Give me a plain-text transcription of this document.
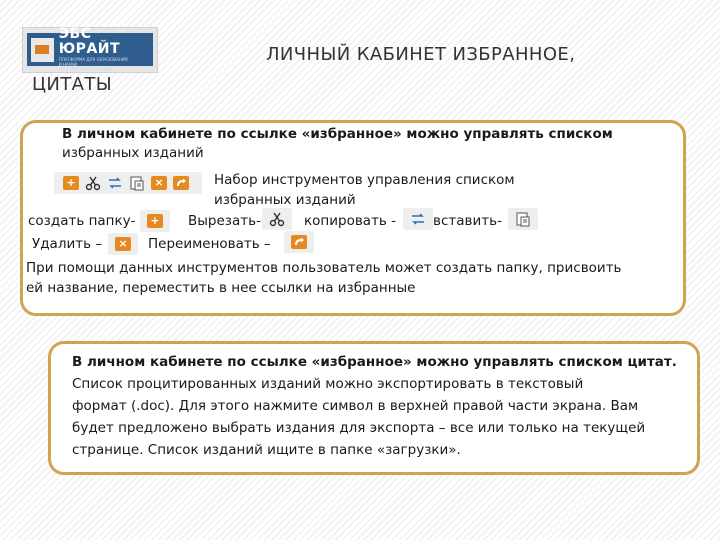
ЭБС ЮРАЙТ
ПЛАТФОРМА ДЛЯ ОБРАЗОВАНИЯ
И НАУКИ
ОТ ИЗДАТЕЛЬСТВА ЮРАЙТ
ЛИЧНЫЙ КАБИНЕТ ИЗБРАННОЕ,
ЦИТАТЫ
В личном кабинете по ссылке «избранное» можно управлять списком
избранных изданий
+	×	Набор инструментов управления списком
избранных изданий
создать папку-	+ Вырезать-	копировать -	вставить-
Удалить –	× Переименовать –
При помощи данных инструментов пользователь может создать папку, присвоить
ей название, переместить в нее ссылки на избранные
В личном кабинете по ссылке «избранное» можно управлять списком цитат.
Список процитированных изданий можно экспортировать в текстовый
формат (.doc). Для этого нажмите символ в верхней правой части экрана. Вам
будет предложено выбрать издания для экспорта – все или только на текущей
странице. Список изданий ищите в папке «загрузки».
